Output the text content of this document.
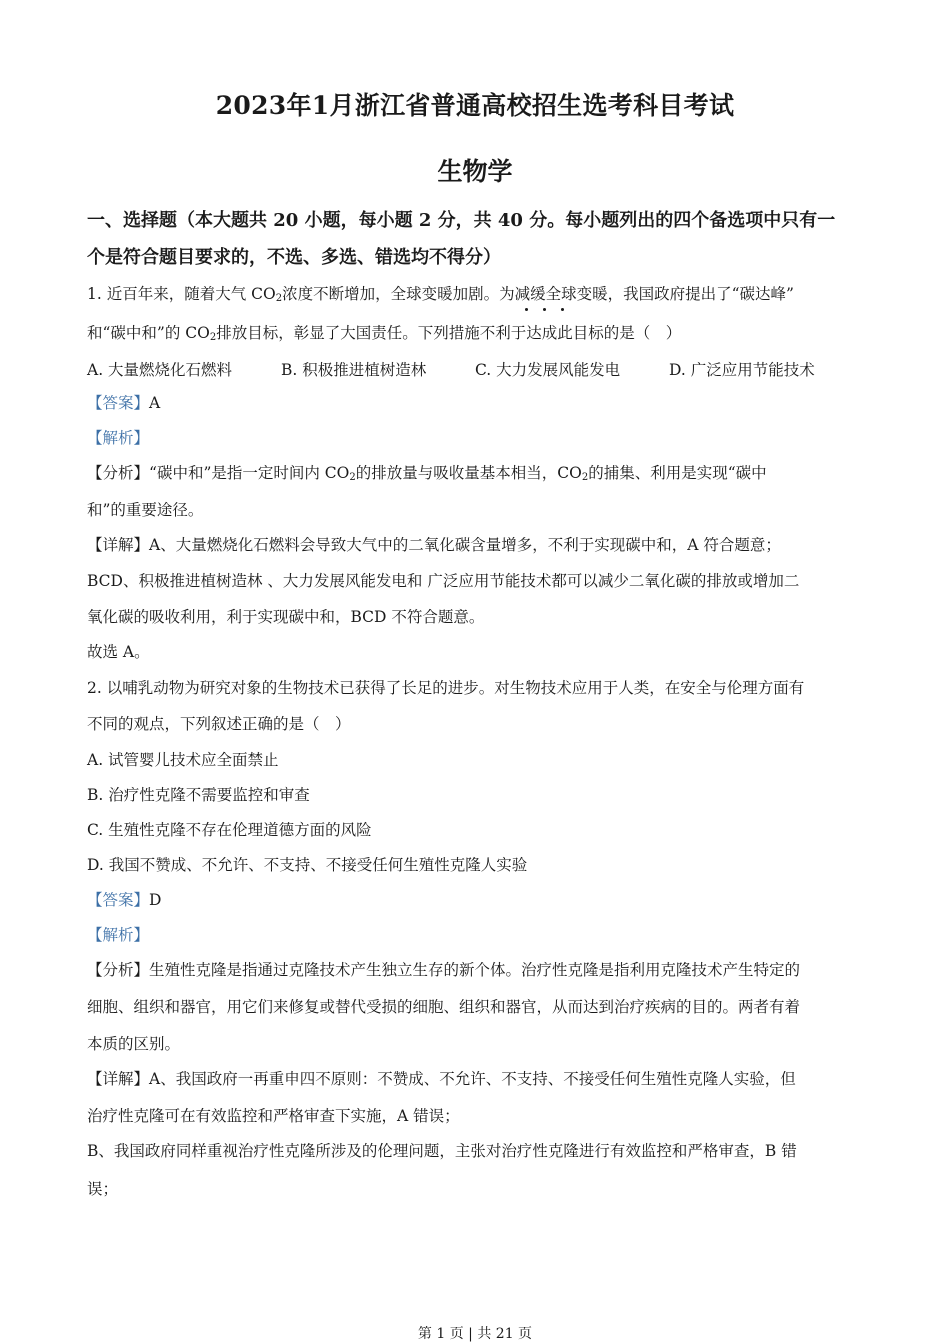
2023年1月浙江省普通高校招生选考科目考试
生物学
一、选择题（本大题共 20 小题，每小题 2 分，共 40 分。每小题列出的四个备选项中只有一
个是符合题目要求的，不选、多选、错选均不得分）
1. 近百年来，随着大气 $CO_2$浓度不断增加，全球变暖加剧。为减缓全球变暖，我国政府提出了“碳达峰”
和“碳中和”的 $CO_2$排放目标，彰显了大国责任。下列措施不利于达成此目标的是（　）
A. 大量燃烧化石燃料	B. 积极推进植树造林	C. 大力发展风能发电	D. 广泛应用节能技术
【答案】A
【解析】
【分析】“碳中和”是指一定时间内 $CO_2$的排放量与吸收量基本相当，$CO_2$的捕集、利用是实现“碳中
和”的重要途径。
【详解】A、大量燃烧化石燃料会导致大气中的二氧化碳含量增多，不利于实现碳中和，A 符合题意；
BCD、积极推进植树造林 、大力发展风能发电和 广泛应用节能技术都可以减少二氧化碳的排放或增加二
氧化碳的吸收利用，利于实现碳中和，BCD 不符合题意。
故选 A。
2. 以哺乳动物为研究对象的生物技术已获得了长足的进步。对生物技术应用于人类，在安全与伦理方面有
不同的观点，下列叙述正确的是（　）
A. 试管婴儿技术应全面禁止
B. 治疗性克隆不需要监控和审查
C. 生殖性克隆不存在伦理道德方面的风险
D. 我国不赞成、不允许、不支持、不接受任何生殖性克隆人实验
【答案】D
【解析】
【分析】生殖性克隆是指通过克隆技术产生独立生存的新个体。治疗性克隆是指利用克隆技术产生特定的
细胞、组织和器官，用它们来修复或替代受损的细胞、组织和器官，从而达到治疗疾病的目的。两者有着
本质的区别。
【详解】A、我国政府一再重申四不原则：不赞成、不允许、不支持、不接受任何生殖性克隆人实验，但
治疗性克隆可在有效监控和严格审查下实施，A 错误；
B、我国政府同样重视治疗性克隆所涉及的伦理问题，主张对治疗性克隆进行有效监控和严格审查，B 错
误；
第 1 页 | 共 21 页
